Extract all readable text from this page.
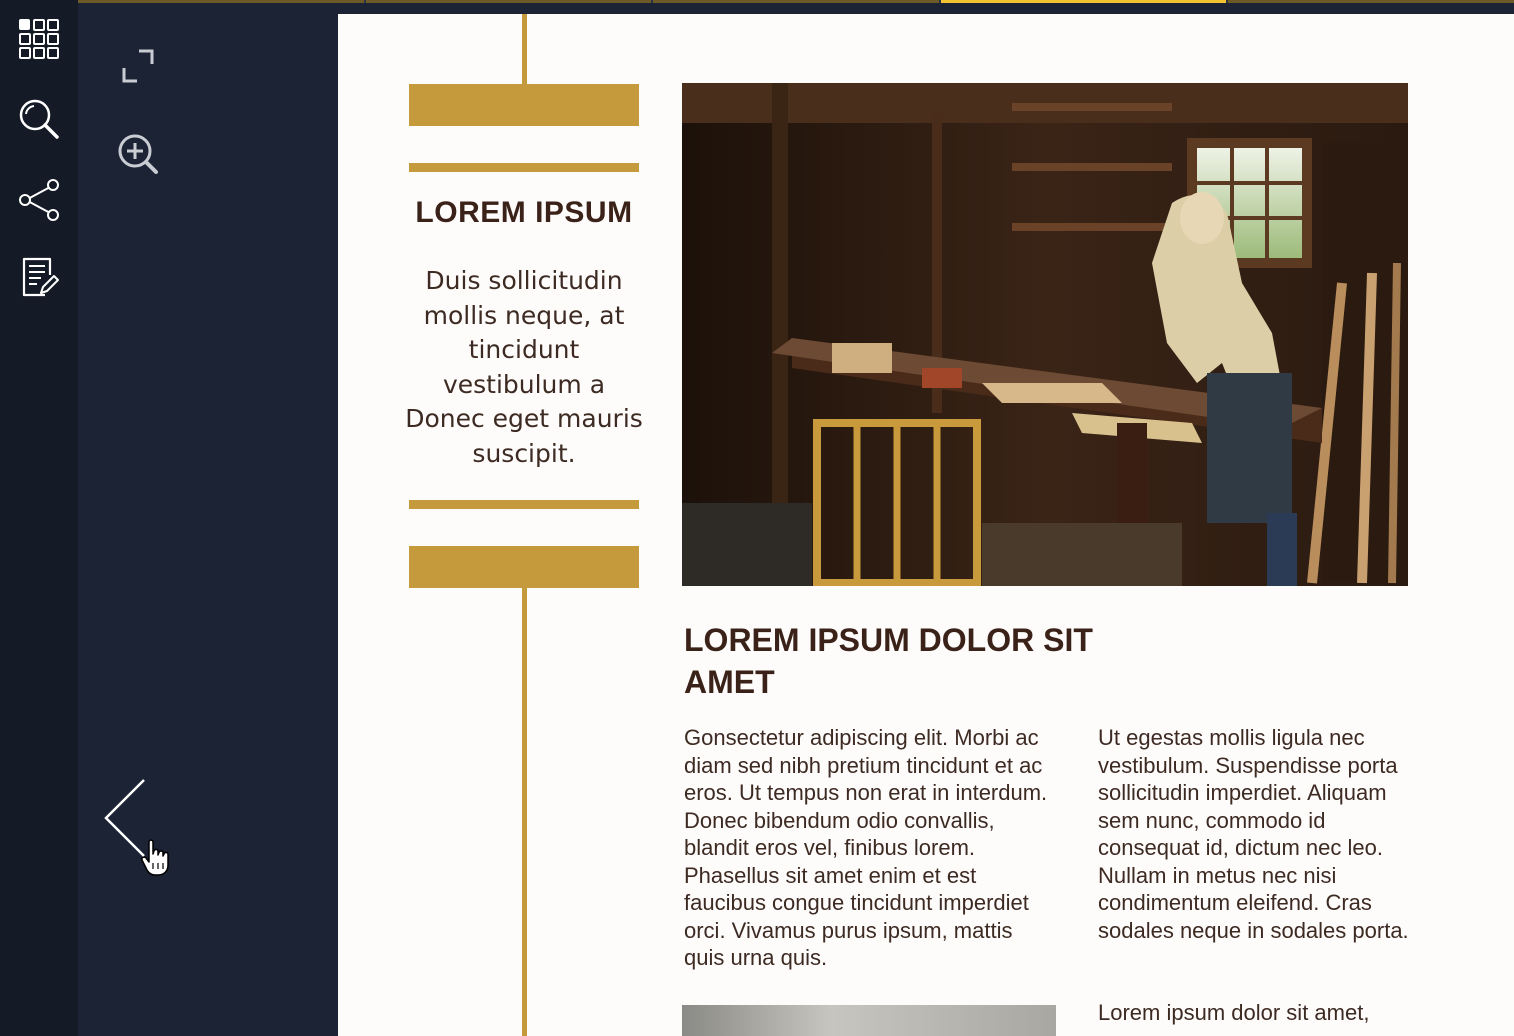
LOREM IPSUM
Duis sollicitudin mollis neque, at tincidunt vestibulum a Donec eget mauris suscipit.
LOREM IPSUM DOLOR SIT AMET
Gonsectetur adipiscing elit. Morbi ac diam sed nibh pretium tincidunt et ac eros. Ut tempus non erat in interdum. Donec bibendum odio convallis, blandit eros vel, finibus lorem. Phasellus sit amet enim et est faucibus congue tincidunt imperdiet orci. Vivamus purus ipsum, mattis quis urna quis.
Ut egestas mollis ligula nec vestibulum. Suspendisse porta sollicitudin imperdiet. Aliquam sem nunc, commodo id consequat id, dictum nec leo. Nullam in metus nec nisi condimentum eleifend. Cras sodales neque in sodales porta.
Lorem ipsum dolor sit amet,
